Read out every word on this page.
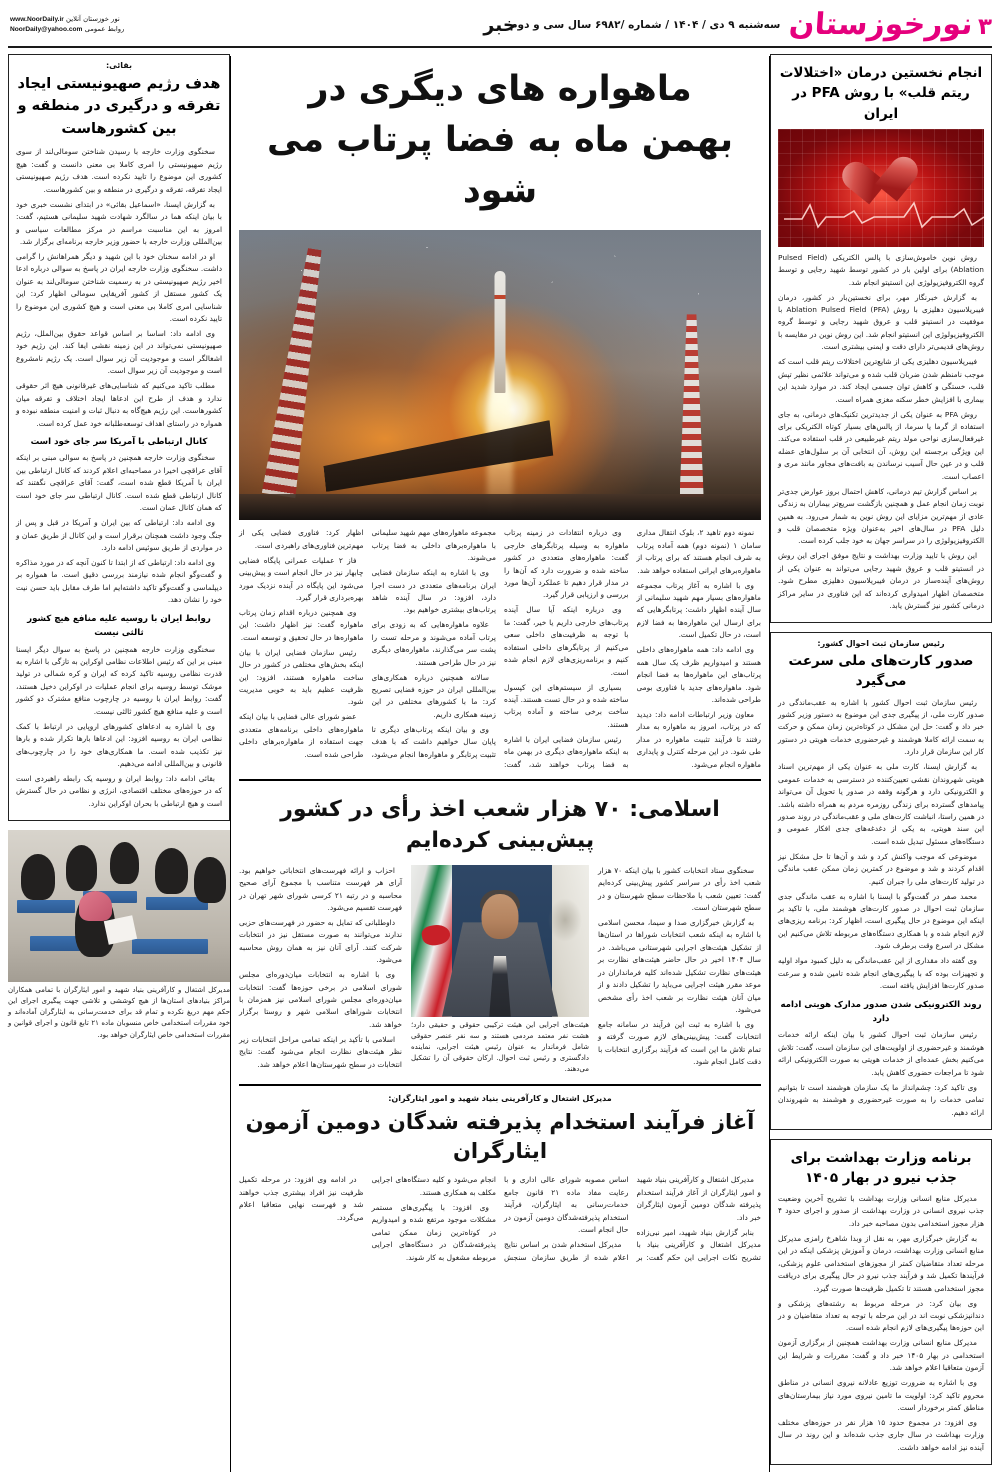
۳
نورخوزستان
سه‌شنبه ۹ دی / ۱۴۰۴ / شماره /۶۹۸۲ سال سی و دوم
خبر
نور خوزستان آنلاین www.NoorDaily.ir
روابط عمومی NoorDaily@yahoo.com
انجام نخستین درمان «اختلالات ریتم قلب» با روش PFA در ایران

روش نوین خاموش‌سازی با پالس الکتریکی (Pulsed Field Ablation) برای اولین بار در کشور توسط شهید رجایی و توسط گروه الکتروفیزیولوژی این انستیتو انجام شد.

به گزارش خبرنگار مهر، برای نخستین‌بار در کشور، درمان فیبریلاسیون دهلیزی با روش Ablation Pulsed Field (PFA) با موفقیت در انستیتو قلب و عروق شهید رجایی و توسط گروه الکتروفیزیولوژی این انستیتو انجام شد. این روش نوین در مقایسه با روش‌های قدیمی‌تر دارای دقت و ایمنی بیشتری است.

فیبریلاسیون دهلیزی یکی از شایع‌ترین اختلالات ریتم قلب است که موجب نامنظم شدن ضربان قلب شده و می‌تواند علائمی نظیر تپش قلب، خستگی و کاهش توان جسمی ایجاد کند. در موارد شدید این بیماری با افزایش خطر سکته مغزی همراه است.

روش PFA به عنوان یکی از جدیدترین تکنیک‌های درمانی، به جای استفاده از گرما یا سرما، از پالس‌های بسیار کوتاه الکتریکی برای غیرفعال‌سازی نواحی مولد ریتم غیرطبیعی در قلب استفاده می‌کند. این ویژگی برجسته این روش، آن انتخابی آن بر سلول‌های عضله قلب و در عین حال آسیب نرساندن به بافت‌های مجاور مانند مری و اعصاب است.

بر اساس گزارش تیم درمانی، کاهش احتمال بروز عوارض جدی‌تر نوبت زمان انجام عمل و همچنین بازگشت سریع‌تر بیماران به زندگی عادی از مهم‌ترین مزایای این روش نوین به شمار می‌رود. به همین دلیل PFA در سال‌های اخیر به‌عنوان ویژه متخصصان قلب و الکتروفیزیولوژی را در سراسر جهان به خود جلب کرده است.

این روش با تایید وزارت بهداشت و نتایج موفق اجرای این روش در انستیتو قلب و عروق شهید رجایی می‌تواند به عنوان یکی از روش‌های آینده‌ساز در درمان فیبریلاسیون دهلیزی مطرح شود. متخصصان اظهار امیدواری کرده‌اند که این فناوری در سایر مراکز درمانی کشور نیز گسترش یابد.

رئیس سازمان ثبت احوال کشور:
صدور کارت‌های ملی سرعت می‌گیرد

رئیس سازمان ثبت احوال کشور با اشاره به عقب‌ماندگی در صدور کارت ملی، از پیگیری جدی این موضوع به دستور وزیر کشور خبر داد و گفت: حل این مشکل در کوتاه‌ترین زمان ممکن و حرکت به سمت ارائه کاملا هوشمند و غیرحضوری خدمات هویتی در دستور کار این سازمان قرار دارد.

به گزارش ایسنا، کارت ملی به عنوان یکی از مهم‌ترین اسناد هویتی شهروندان نقشی تعیین‌کننده در دسترسی به خدمات عمومی و الکترونیکی دارد و هرگونه وقفه در صدور یا تحویل آن می‌تواند پیامدهای گسترده برای زندگی روزمره مردم به همراه داشته باشد. در همین راستا، انباشت کارت‌های ملی و عقب‌ماندگی در روند صدور این سند هویتی، به یکی از دغدغه‌های جدی افکار عمومی و دستگاه‌های مسئول تبدیل شده است.

موضوعی که موجب واکنش کرد و شد و آن‌ها تا حل مشکل نیز اقدام کردند و شد و موضوع در کمترین زمان ممکن عقب ماندگی در تولید کارت‌های ملی را جبران کنیم.

محمد صفر در گفت‌وگو با ایسنا با اشاره به عقب ماندگی جدی سازمان ثبت احوال در صدور کارت‌های هوشمند ملی، با تاکید بر اینکه این موضوع در حال پیگیری است، اظهار کرد: برنامه ریزی‌های لازم انجام شده و با همکاری دستگاه‌های مربوطه تلاش می‌کنیم این مشکل در اسرع وقت برطرف شود.

وی گفته داد مقداری از این عقب‌ماندگی به دلیل کمبود مواد اولیه و تجهیزات بوده که با پیگیری‌های انجام شده تامین شده و سرعت صدور کارت‌ها افزایش یافته است.

روند الکترونیکی شدن صدور مدارک هویتی ادامه دارد

رئیس سازمان ثبت احوال کشور با بیان اینکه ارائه خدمات هوشمند و غیرحضوری از اولویت‌های این سازمان است، گفت: تلاش می‌کنیم بخش عمده‌ای از خدمات هویتی به صورت الکترونیکی ارائه شود تا مراجعات حضوری کاهش یابد.

وی تاکید کرد: چشم‌انداز ما یک سازمان هوشمند است تا بتوانیم تمامی خدمات را به صورت غیرحضوری و هوشمند به شهروندان ارائه دهیم.

برنامه وزارت بهداشت برای جذب نیرو در بهار ۱۴۰۵

مدیرکل منابع انسانی وزارت بهداشت با تشریح آخرین وضعیت جذب نیروی انسانی در وزارت بهداشت از صدور و اجرای حدود ۴ هزار مجوز استخدامی بدون مصاحبه خبر داد.

به گزارش خبرگزاری مهر، به نقل از وبدا شاهرخ رامزی مدیرکل منابع انسانی وزارت بهداشت، درمان و آموزش پزشکی اینکه در این مرحله تعداد متقاضیان کمتر از مجوزهای استخدامی علوم پزشکی، فرآیندها تکمیل شد و فرآیند جذب نیرو در حال پیگیری برای دریافت مجوز استخدامی هستند تا تکمیل ظرفیت‌ها صورت گیرد.

وی بیان کرد: در مرحله مربوط به رشته‌های پزشکی و دندانپزشکی نوبت اند در این مرحله با توجه به تعداد متقاضیان و در این حوزه‌ها پیگیری‌های لازم انجام شده است.

مدیرکل منابع انسانی وزارت بهداشت همچنین از برگزاری آزمون استخدامی در بهار ۱۴۰۵ خبر داد و گفت: مقررات و شرایط این آزمون متعاقبا اعلام خواهد شد.

وی با اشاره به ضرورت توزیع عادلانه نیروی انسانی در مناطق محروم تاکید کرد: اولویت ما تامین نیروی مورد نیاز بیمارستان‌های مناطق کمتر برخوردار است.

وی افزود: در مجموع حدود ۱۵ هزار نفر در حوزه‌های مختلف وزارت بهداشت در سال جاری جذب شده‌اند و این روند در سال آینده نیز ادامه خواهد داشت.

ماهواره های دیگری در بهمن ماه به فضا پرتاب می شود

نمونه دوم تاهید ۲، بلوک انتقال مداری سامان ۱ (نمونه دوم) همه آماده پرتاب به شرف انجام هستند که برای پرتاب از ماهواره‌برهای ایرانی استفاده خواهد شد.

وی با اشاره به آغاز پرتاب مجموعه ماهواره‌های بسیار مهم شهید سلیمانی از سال آینده اظهار داشت: پرتابگرهایی که برای ارسال این ماهواره‌ها به فضا لازم است، در حال تکمیل است.

وی ادامه داد: همه ماهواره‌های داخلی هستند و امیدواریم ظرف یک سال همه پرتاب‌های این ماهواره‌ها به فضا انجام شود. ماهواره‌های جدید با فناوری بومی طراحی شده‌اند.

معاون وزیر ارتباطات ادامه داد: دیدید که در پرتاب، امروز به ماهواره به مدار رفتند تا فرآیند تثبیت ماهواره در مدار طی شود. در این مرحله کنترل و پایداری ماهواره انجام می‌شود.

وی درباره انتقادات در زمینه پرتاب ماهواره به وسیله پرتابگرهای خارجی گفت: ماهواره‌های متعددی در کشور ساخته شده و ضرورت دارد که آن‌ها را در مدار قرار دهیم تا عملکرد آن‌ها مورد بررسی و ارزیابی قرار گیرد.

وی درباره اینکه آیا سال آینده پرتاب‌های خارجی داریم یا خیر، گفت: ما با توجه به ظرفیت‌های داخلی سعی می‌کنیم از پرتابگرهای داخلی استفاده کنیم و برنامه‌ریزی‌های لازم انجام شده است.

بسیاری از سیستم‌های این کپسول ساخته شده و در حال تست هستند. آینده ساخت برخی ساخته و آماده پرتاب هستند.

رئیس سازمان فضایی ایران با اشاره به اینکه ماهواره‌های دیگری در بهمن ماه به فضا پرتاب خواهند شد، گفت: مجموعه ماهواره‌های مهم شهید سلیمانی با ماهواره‌برهای داخلی به فضا پرتاب می‌شوند.

وی با اشاره به اینکه سازمان فضایی ایران برنامه‌های متعددی در دست اجرا دارد، افزود: در سال آینده شاهد پرتاب‌های بیشتری خواهیم بود.

علاوه ماهواره‌هایی که به زودی برای پرتاب آماده می‌شوند و مرحله تست را پشت سر می‌گذارند، ماهواره‌های دیگری نیز در حال طراحی هستند.

سالانه همچنین درباره همکاری‌های بین‌المللی ایران در حوزه فضایی تصریح کرد: ما با کشورهای مختلفی در این زمینه همکاری داریم.

وی و بیان اینکه پرتاب‌های دیگری تا پایان سال خواهیم داشت که با هدف تثبیت پرتابگر و ماهواره‌ها انجام می‌شود، اظهار کرد: فناوری فضایی یکی از مهم‌ترین فناوری‌های راهبردی است.

فاز ۲ عملیات عمرانی پایگاه فضایی چابهار نیز در حال انجام است و پیش‌بینی می‌شود این پایگاه در آینده نزدیک مورد بهره‌برداری قرار گیرد.

وی همچنین درباره اقدام زمان پرتاب ماهواره گفت: نیز اظهار داشت: این ماهواره‌ها در حال تحقیق و توسعه است.

رئیس سازمان فضایی ایران با بیان اینکه بخش‌های مختلفی در کشور در حال ساخت ماهواره هستند، افزود: این ظرفیت عظیم باید به خوبی مدیریت شود.

عضو شورای عالی فضایی با بیان اینکه ماهواره‌های داخلی برنامه‌های متعددی جهت استفاده از ماهواره‌برهای داخلی طراحی شده است.

اسلامی: ۷۰ هزار شعب اخذ رأی در کشور پیش‌بینی کرده‌ایم

سخنگوی ستاد انتخابات کشور با بیان اینکه ۷۰ هزار شعب اخذ رأی در سراسر کشور پیش‌بینی کرده‌ایم گفت: تعیین شعب با ملاحظات سطح شهرستان و در سطح شهرستان است.

به گزارش خبرگزاری صدا و سیما، محسن اسلامی با اشاره به اینکه شعب انتخابات شوراها در استان‌ها از تشکیل هیئت‌های اجرایی شهرستانی می‌باشد. در سال ۱۴۰۴ اخیر در حال حاضر هیئت‌های نظارت بر هیئت‌های نظارت تشکیل شده‌اند کلیه فرمانداران در موعد مقرر هیئت اجرایی می‌باید را تشکیل دادند و از میان آنان هیئت نظارت بر شعب اخذ رأی مشخص می‌شود.

وی با اشاره به ثبت این فرآیند در سامانه جامع انتخابات گفت: پیش‌بینی‌های لازم صورت گرفته و تمام تلاش ما این است که فرآیند برگزاری انتخابات با دقت کامل انجام شود.

هیئت‌های اجرایی این هیئت ترکیبی حقوقی و حقیقی دارد؛ هشت نفر معتمد مردمی هستند و سه نفر عنصر حقوقی شامل فرماندار به عنوان رئیس هیئت اجرایی، نماینده دادگستری و رئیس ثبت احوال. ارکان حقوقی آن را تشکیل می‌دهند.

احزاب و ارائه فهرست‌های انتخاباتی خواهیم بود. آرای هر فهرست متناسب با مجموع آرای صحیح محاسبه و در رتبه ۲۱ کرسی شورای شهر تهران در فهرست تقسیم می‌شود.

داوطلبانی که تمایل به حضور در فهرست‌های حزبی ندارند می‌توانند به صورت مستقل نیز در انتخابات شرکت کنند. آرای آنان نیز به همان روش محاسبه می‌شود.

وی با اشاره به انتخابات میان‌دوره‌ای مجلس شورای اسلامی در برخی حوزه‌ها گفت: انتخابات میان‌دوره‌ای مجلس شورای اسلامی نیز همزمان با انتخابات شوراهای اسلامی شهر و روستا برگزار خواهد شد.

اسلامی با تأکید بر اینکه تمامی مراحل انتخابات زیر نظر هیئت‌های نظارت انجام می‌شود گفت: نتایج انتخابات در سطح شهرستان‌ها اعلام خواهد شد.

مدیرکل اشتغال و کارآفرینی بنیاد شهید و امور ایثارگران:
آغاز فرآیند استخدام پذیرفته شدگان دومین آزمون ایثارگران

مدیرکل اشتغال و کارآفرینی بنیاد شهید و امور ایثارگران از آغاز فرآیند استخدام پذیرفته شدگان دومین آزمون ایثارگران خبر داد.

بنابر گزارش بنیاد شهید، امیر نبی‌زاده مدیرکل اشتغال و کارآفرینی بنیاد با تشریح نکات اجرایی این حکم گفت: بر اساس مصوبه شورای عالی اداری و با رعایت مفاد ماده ۲۱ قانون جامع خدمات‌رسانی به ایثارگران، فرآیند استخدام پذیرفته‌شدگان دومین آزمون در حال انجام است.

مدیرکل استخدام شدن بر اساس نتایج اعلام شده از طریق سازمان سنجش انجام می‌شود و کلیه دستگاه‌های اجرایی مکلف به همکاری هستند.

وی افزود: با پیگیری‌های مستمر مشکلات موجود مرتفع شده و امیدواریم در کوتاه‌ترین زمان ممکن تمامی پذیرفته‌شدگان در دستگاه‌های اجرایی مربوطه مشغول به کار شوند.

در ادامه وی افزود: در مرحله تکمیل ظرفیت نیز افراد بیشتری جذب خواهند شد و فهرست نهایی متعاقبا اعلام می‌گردد.

بقائی:
هدف رژیم صهیونیستی ایجاد تفرقه و درگیری در منطقه و بین کشورهاست

سخنگوی وزارت خارجه با رسیدن شناختن سومالی‌لند از سوی رژیم صهیونیستی را امری کاملا بی معنی دانست و گفت: هیچ کشوری این موضوع را تایید نکرده است. هدف رژیم صهیونیستی ایجاد تفرقه، تفرقه و درگیری در منطقه و بین کشورهاست.

به گزارش ایسنا، «اسماعیل بقائی» در ابتدای نشست خبری خود با بیان اینکه هما در سالگرد شهادت شهید سلیمانی هستیم، گفت: امروز به این مناسبت مراسم در مرکز مطالعات سیاسی و بین‌المللی وزارت خارجه با حضور وزیر خارجه برنامه‌ای برگزار شد.

او در ادامه سخنان خود با این شهید و دیگر همراهانش را گرامی داشت. سخنگوی وزارت خارجه ایران در پاسخ به سوالی درباره ادعا اخیر رژیم صهیونیستی در به رسمیت شناختن سومالی‌لند به عنوان یک کشور مستقل از کشور آفریقایی سومالی اظهار کرد: این شناسایی امری کاملا بی معنی است و هیچ کشوری این موضوع را تایید نکرده است.

وی ادامه داد: اساسا بر اساس قواعد حقوق بین‌الملل، رژیم صهیونیستی نمی‌تواند در این زمینه نقشی ایفا کند. این رژیم خود اشغالگر است و موجودیت آن زیر سوال است. یک رژیم نامشروع است و موجودیت آن زیر سوال است.

مطلب تاکید می‌کنیم که شناسایی‌های غیرقانونی هیچ اثر حقوقی ندارد و هدف از طرح این ادعاها ایجاد اختلاف و تفرقه میان کشورهاست. این رژیم هیچ‌گاه به دنبال ثبات و امنیت منطقه نبوده و همواره در راستای اهداف توسعه‌طلبانه خود عمل کرده است.

کانال ارتباطی با آمریکا سر جای خود است

سخنگوی وزارت خارجه همچنین در پاسخ به سوالی مبنی بر اینکه آقای عراقچی اخیرا در مصاحبه‌ای اعلام کردند که کانال ارتباطی بین ایران با آمریکا قطع شده است، گفت: آقای عراقچی نگفتند که کانال ارتباطی قطع شده است. کانال ارتباطی سر جای خود است که همان کانال عمان است.

وی ادامه داد: ارتباطی که بین ایران و آمریکا در قبل و پس از جنگ وجود داشت همچنان برقرار است و این کانال از طریق عمان و در مواردی از طریق سوئیس ادامه دارد.

وی ادامه داد: ارتباطی که از ابتدا تا کنون آنچه که در مورد مذاکره و گفت‌وگو انجام شده نیازمند بررسی دقیق است. ما همواره بر دیپلماسی و گفت‌وگو تاکید داشته‌ایم اما طرف مقابل باید حسن نیت خود را نشان دهد.

روابط ایران با روسیه علیه منافع هیچ کشور ثالثی نیست

سخنگوی وزارت خارجه همچنین در پاسخ به سوال دیگر ایسنا مبنی بر این که رئیس اطلاعات نظامی اوکراین به تازگی با اشاره به قدرت نظامی روسیه تاکید کرده که ایران و کره شمالی در تولید موشک توسط روسیه برای انجام عملیات در اوکراین دخیل هستند، گفت: روابط ایران با روسیه در چارچوب منافع مشترک دو کشور است و علیه منافع هیچ کشور ثالثی نیست.

وی با اشاره به ادعاهای کشورهای اروپایی در ارتباط با کمک نظامی ایران به روسیه افزود: این ادعاها بارها تکرار شده و بارها نیز تکذیب شده است. ما همکاری‌های خود را در چارچوب‌های قانونی و بین‌المللی ادامه می‌دهیم.

بقائی ادامه داد: روابط ایران و روسیه یک رابطه راهبردی است که در حوزه‌های مختلف اقتصادی، انرژی و نظامی در حال گسترش است و هیچ ارتباطی با بحران اوکراین ندارد.

مدیرکل اشتغال و کارآفرینی بنیاد شهید و امور ایثارگران با تمامی همکاران مراکز بنیادهای استان‌ها از هیچ کوششی و تلاشی جهت پیگیری اجرای این حکم مهم دریغ نکرده و تمام قد برای خدمت‌رسانی به ایثارگران آماده‌اند و خود مقررات استخدامی خاص منسوبان ماده ۲۱ تابع قانون و اجرای قوانین و مقررات استخدامی خاص ایثارگران خواهد بود.
